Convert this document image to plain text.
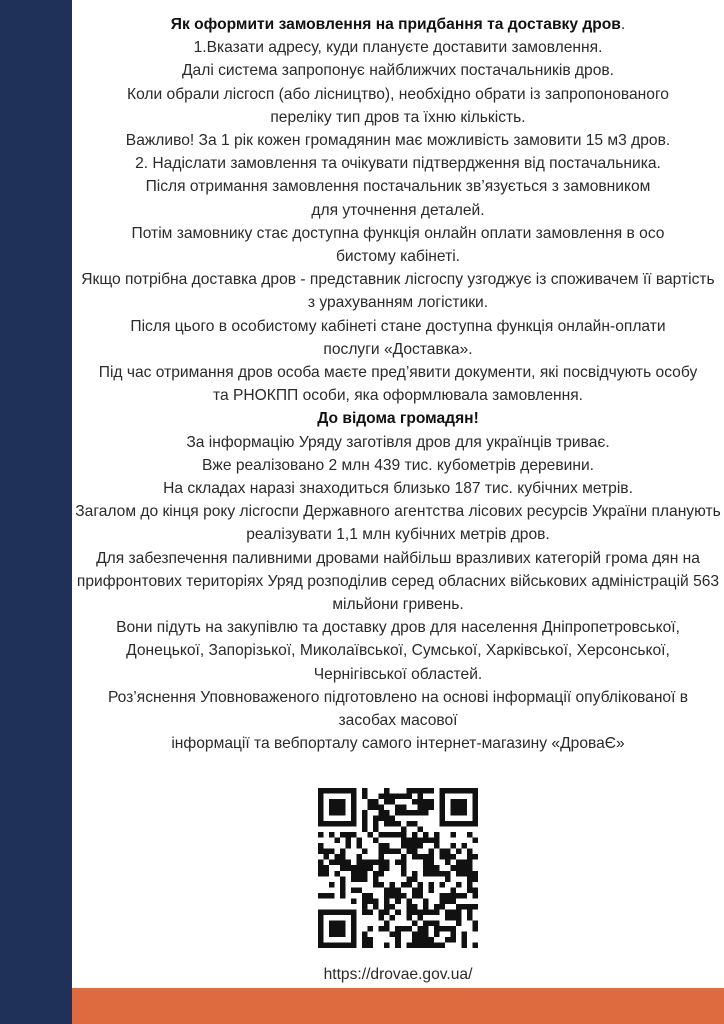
Як оформити замовлення на придбання та доставку дров.

1.Вказати адресу, куди плануєте доставити замовлення.

Далі система запропонує найближчих постачальників дров.

Коли обрали лісгосп (або лісництво), необхідно обрати із запропонованого переліку тип дров та їхню кількість.

Важливо! За 1 рік кожен громадянин має можливість замовити 15 м3 дров.

2. Надіслати замовлення та очікувати підтвердження від постачальника.

Після отримання замовлення постачальник зв’язується з замовником для уточнення деталей.

Потім замовнику стає доступна функція онлайн оплати замовлення в осо бистому кабінеті.

Якщо потрібна доставка дров - представник лісгоспу узгоджує із споживачем її вартість з урахуванням логістики.

Після цього в особистому кабінеті стане доступна функція онлайн-оплати послуги «Доставка».

Під час отримання дров особа маєте пред’явити документи, які посвідчують особу та РНОКПП особи, яка оформлювала замовлення.

До відома громадян!

За інформацію Уряду заготівля дров для українців триває.

Вже реалізовано 2 млн 439 тис. кубометрів деревини.

На складах наразі знаходиться близько 187 тис. кубічних метрів.

Загалом до кінця року лісгоспи Державного агентства лісових ресурсів України планують реалізувати 1,1 млн кубічних метрів дров.

Для забезпечення паливними дровами найбільш вразливих категорій грома дян на прифронтових територіях Уряд розподілив серед обласних військових адміністрацій 563 мільйони гривень.

Вони підуть на закупівлю та доставку дров для населення Дніпропетровської, Донецької, Запорізької, Миколаївської, Сумської, Харківської, Херсонської, Чернігівської областей.

Роз’яснення Уповноваженого підготовлено на основі інформації опублікованої в засобах масової

інформації та вебпорталу самого інтернет-магазину «ДроваЄ»

https://drovae.gov.ua/
